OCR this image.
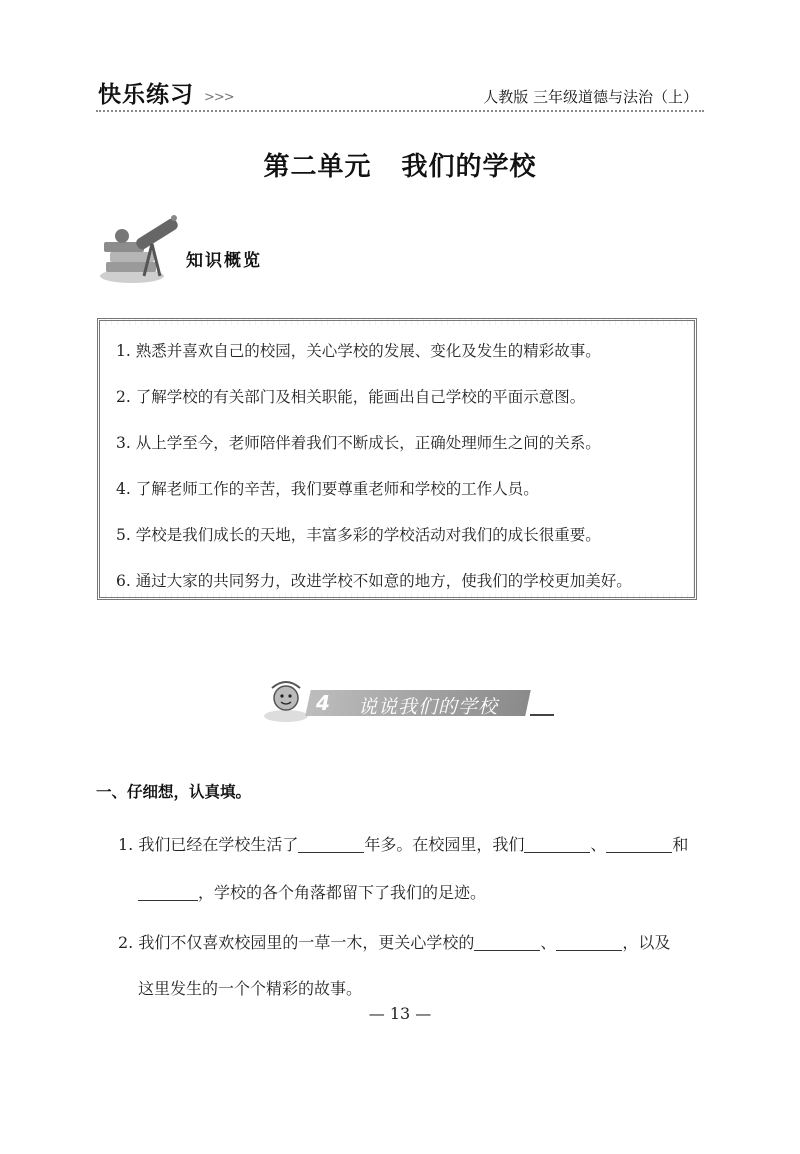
快乐练习 >>>	人教版 三年级道德与法治（上）
第二单元 我们的学校
知识概览
1. 熟悉并喜欢自己的校园，关心学校的发展、变化及发生的精彩故事。
2. 了解学校的有关部门及相关职能，能画出自己学校的平面示意图。
3. 从上学至今，老师陪伴着我们不断成长，正确处理师生之间的关系。
4. 了解老师工作的辛苦，我们要尊重老师和学校的工作人员。
5. 学校是我们成长的天地，丰富多彩的学校活动对我们的成长很重要。
6. 通过大家的共同努力，改进学校不如意的地方，使我们的学校更加美好。
4 说说我们的学校
一、仔细想，认真填。
1. 我们已经在学校生活了	年多。在校园里，我们	、	和
，学校的各个角落都留下了我们的足迹。
2. 我们不仅喜欢校园里的一草一木，更关心学校的	、	，以及
这里发生的一个个精彩的故事。
— 13 —
